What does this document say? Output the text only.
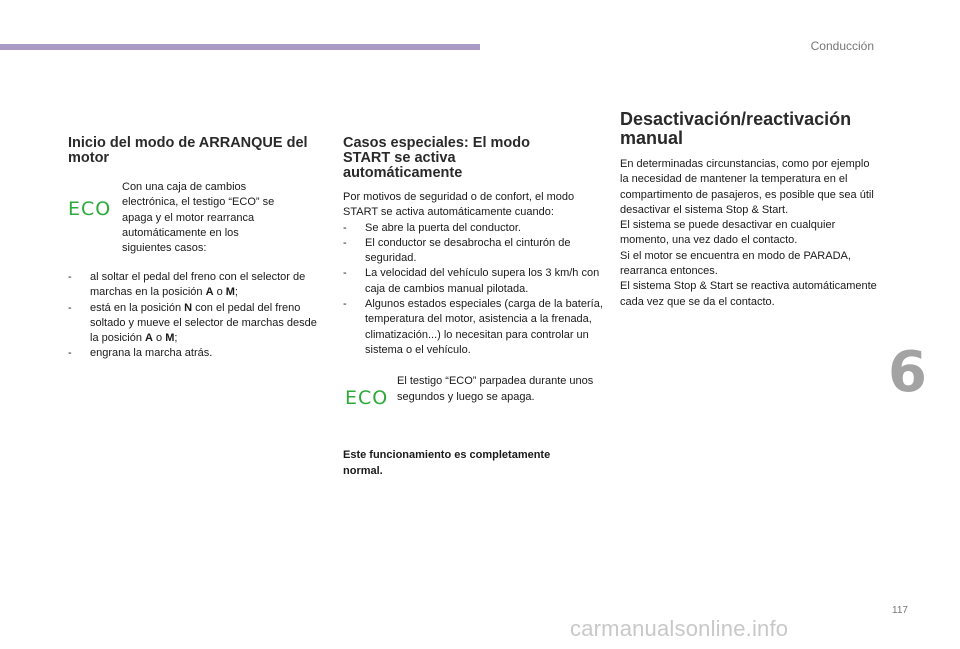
Conducción
6
117
carmanualsonline.info
Inicio del modo de ARRANQUE del motor
ECO

Con una caja de cambios electrónica, el testigo “ECO” se apaga y el motor rearranca automáticamente en los siguientes casos:

- al soltar el pedal del freno con el selector de marchas en la posición A o M;
- está en la posición N con el pedal del freno soltado y mueve el selector de marchas desde la posición A o M;
- engrana la marcha atrás.
Casos especiales: El modo START se activa automáticamente

Por motivos de seguridad o de confort, el modo START se activa automáticamente cuando:

- Se abre la puerta del conductor.
- El conductor se desabrocha el cinturón de seguridad.
- La velocidad del vehículo supera los 3 km/h con caja de cambios manual pilotada.
- Algunos estados especiales (carga de la batería, temperatura del motor, asistencia a la frenada, climatización...) lo necesitan para controlar un sistema o el vehículo.
ECO

El testigo “ECO” parpadea durante unos segundos y luego se apaga.

Este funcionamiento es completamente normal.

Desactivación/reactivación manual

En determinadas circunstancias, como por ejemplo la necesidad de mantener la temperatura en el compartimento de pasajeros, es posible que sea útil desactivar el sistema Stop & Start.

El sistema se puede desactivar en cualquier momento, una vez dado el contacto.

Si el motor se encuentra en modo de PARADA, rearranca entonces.

El sistema Stop & Start se reactiva automáticamente cada vez que se da el contacto.
